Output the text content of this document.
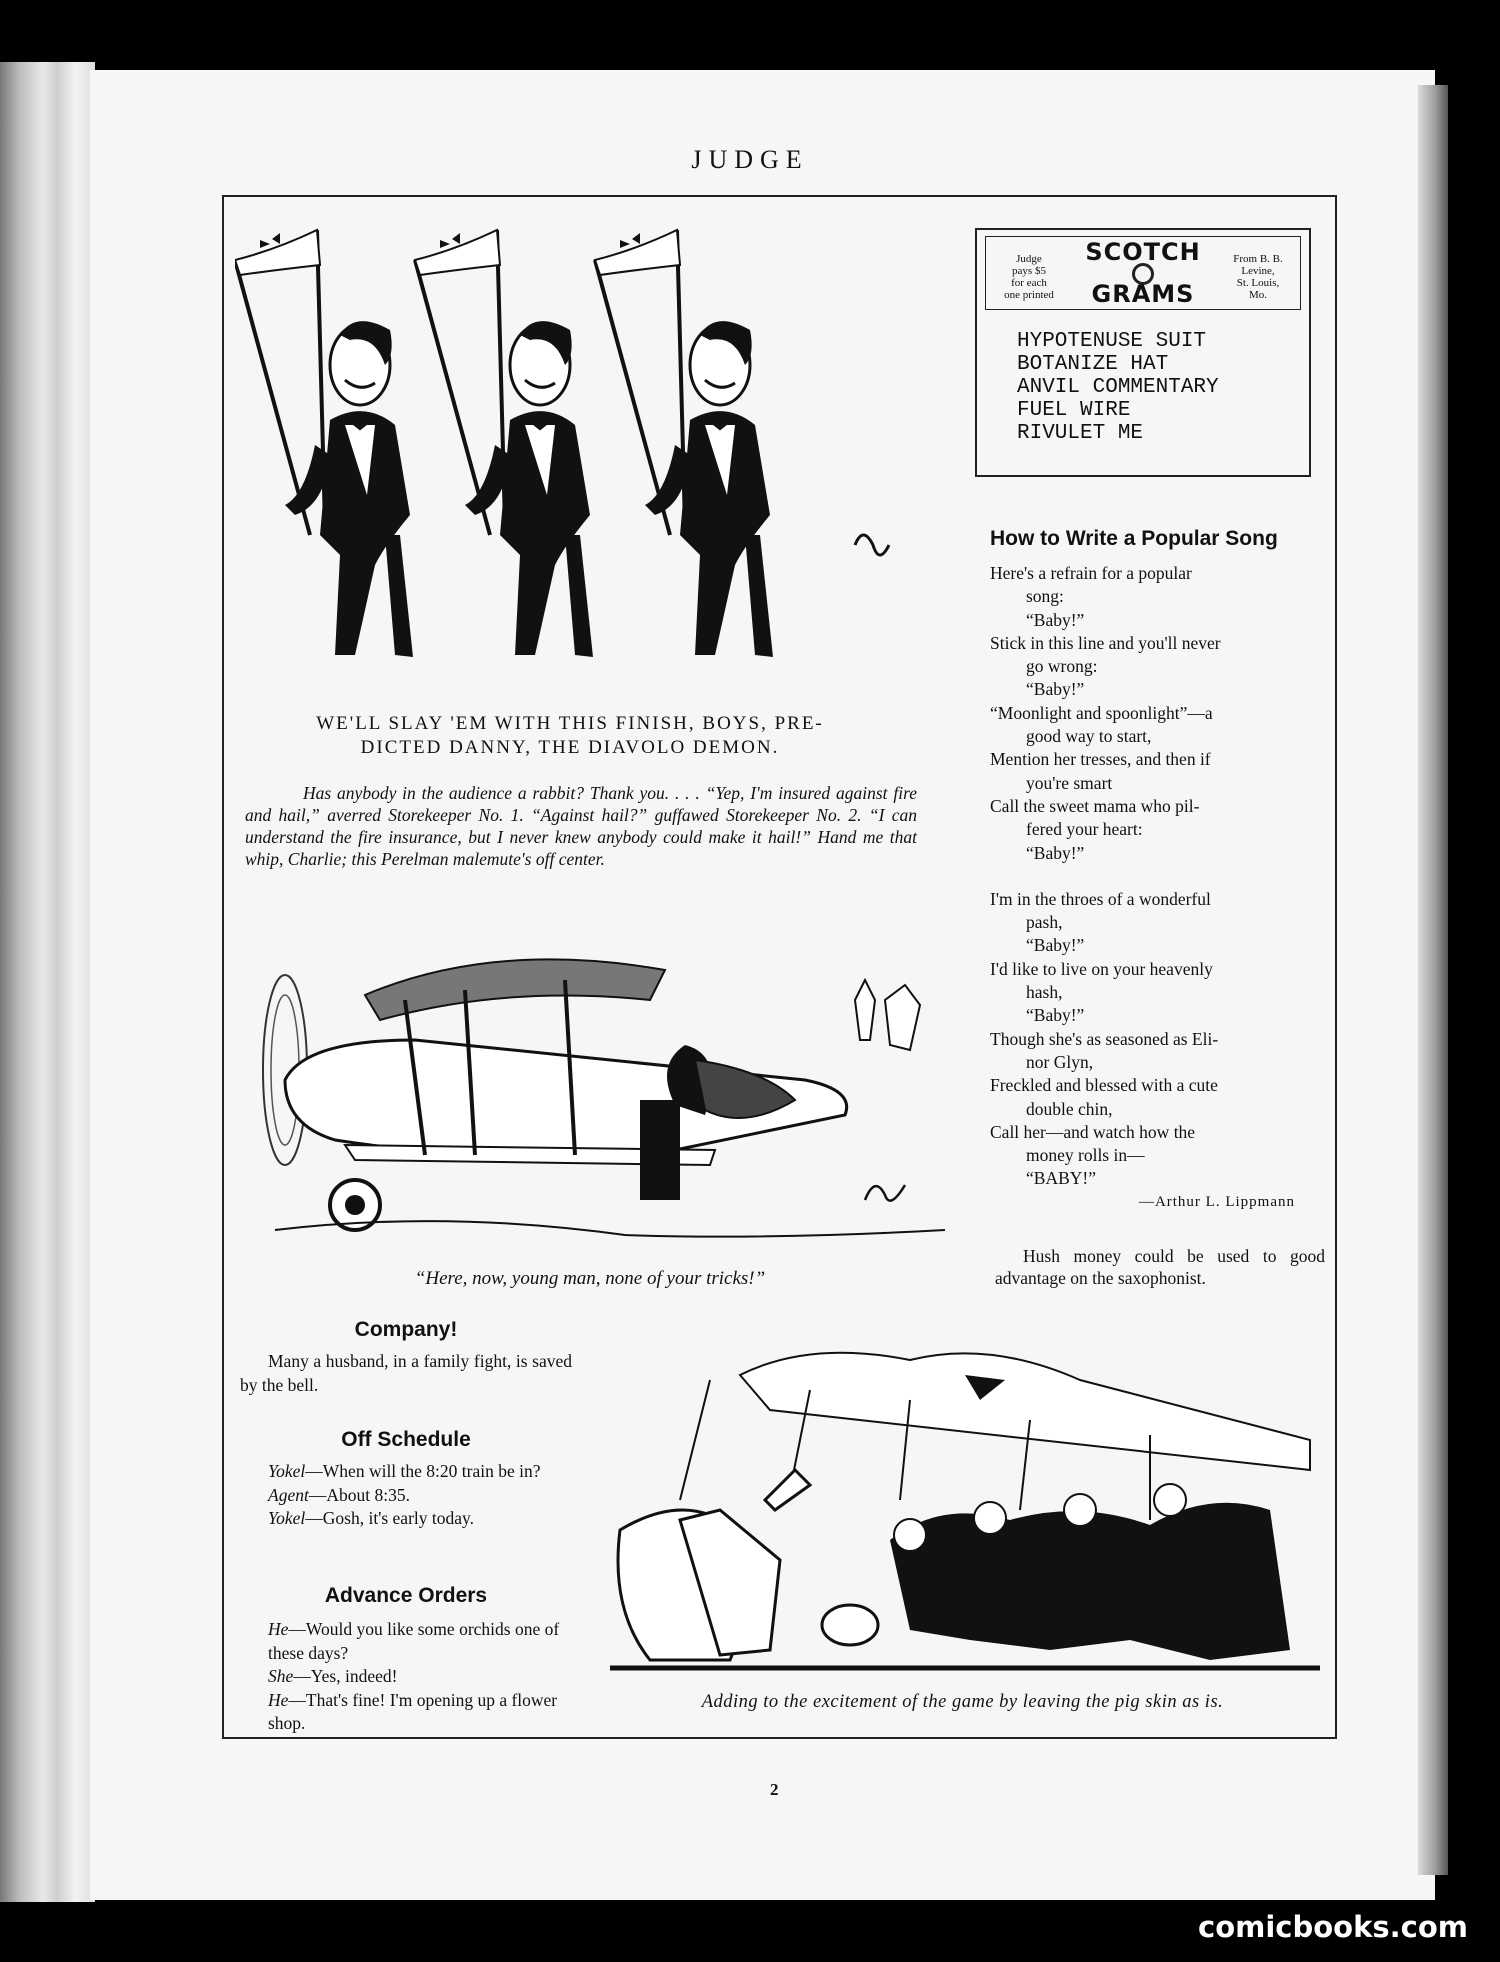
JUDGE
Judge
pays $5
for each
one printed
SCOTCH
GRAMS
From B. B.
Levine,
St. Louis,
Mo.
HYPOTENUSE SUIT
BOTANIZE HAT
ANVIL COMMENTARY
FUEL WIRE
RIVULET ME
WE'LL SLAY 'EM WITH THIS FINISH, BOYS, PRE-
DICTED DANNY, THE DIAVOLO DEMON.
Has anybody in the audience a rabbit? Thank you. . . . “Yep, I'm insured against fire and hail,” averred Storekeeper No. 1. “Against hail?” guffawed Storekeeper No. 2. “I can understand the fire insurance, but I never knew anybody could make it hail!” Hand me that whip, Charlie; this Perelman malemute's off center.
“Here, now, young man, none of your tricks!”
How to Write a Popular Song
Here's a refrain for a popular
song:
“Baby!”
Stick in this line and you'll never
go wrong:
“Baby!”
“Moonlight and spoonlight”—a
good way to start,
Mention her tresses, and then if
you're smart
Call the sweet mama who pil-
fered your heart:
“Baby!”
I'm in the throes of a wonderful
pash,
“Baby!”
I'd like to live on your heavenly
hash,
“Baby!”
Though she's as seasoned as Eli-
nor Glyn,
Freckled and blessed with a cute
double chin,
Call her—and watch how the
money rolls in—
“BABY!”
—Arthur L. Lippmann
Hush money could be used to good advantage on the saxophonist.
Company!
Many a husband, in a family fight, is saved by the bell.
Off Schedule
Yokel—When will the 8:20 train be in?
Agent—About 8:35.
Yokel—Gosh, it's early today.
Advance Orders
He—Would you like some orchids one of these days?
She—Yes, indeed!
He—That's fine! I'm opening up a flower shop.
Adding to the excitement of the game by leaving the pig skin as is.
2
comicbooks.com
